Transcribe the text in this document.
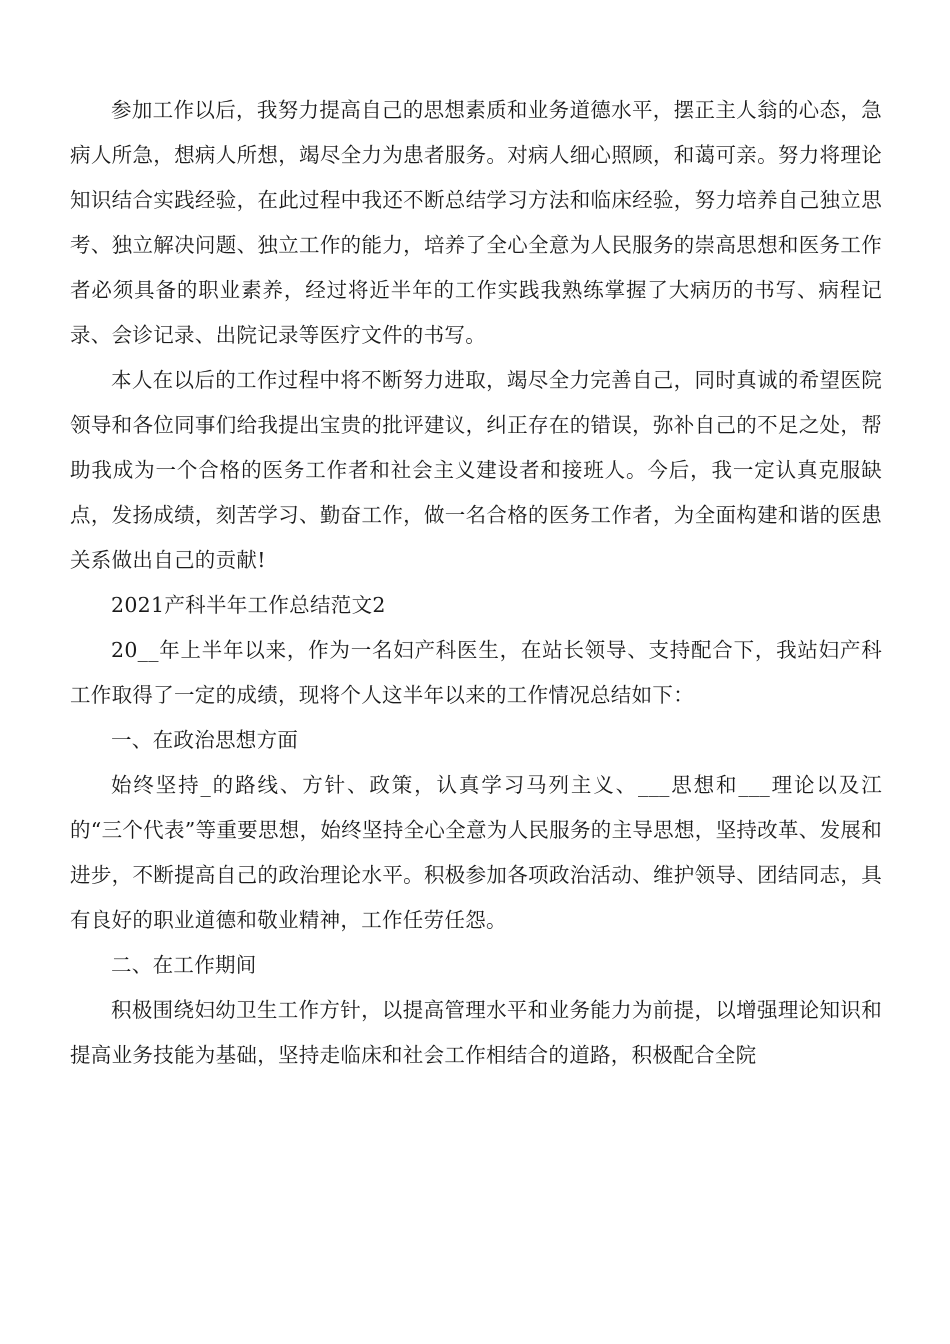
参加工作以后，我努力提高自己的思想素质和业务道德水平，摆正主人翁的心态，急病人所急，想病人所想，竭尽全力为患者服务。对病人细心照顾，和蔼可亲。努力将理论知识结合实践经验，在此过程中我还不断总结学习方法和临床经验，努力培养自己独立思考、独立解决问题、独立工作的能力，培养了全心全意为人民服务的崇高思想和医务工作者必须具备的职业素养，经过将近半年的工作实践我熟练掌握了大病历的书写、病程记录、会诊记录、出院记录等医疗文件的书写。

本人在以后的工作过程中将不断努力进取，竭尽全力完善自己，同时真诚的希望医院领导和各位同事们给我提出宝贵的批评建议，纠正存在的错误，弥补自己的不足之处，帮助我成为一个合格的医务工作者和社会主义建设者和接班人。今后，我一定认真克服缺点，发扬成绩，刻苦学习、勤奋工作，做一名合格的医务工作者，为全面构建和谐的医患关系做出自己的贡献!

2021产科半年工作总结范文2

20__年上半年以来，作为一名妇产科医生，在站长领导、支持配合下，我站妇产科工作取得了一定的成绩，现将个人这半年以来的工作情况总结如下：

一、在政治思想方面

始终坚持_的路线、方针、政策，认真学习马列主义、___思想和___理论以及江的“三个代表”等重要思想，始终坚持全心全意为人民服务的主导思想，坚持改革、发展和进步，不断提高自己的政治理论水平。积极参加各项政治活动、维护领导、团结同志，具有良好的职业道德和敬业精神，工作任劳任怨。

二、在工作期间

积极围绕妇幼卫生工作方针，以提高管理水平和业务能力为前提，以增强理论知识和提高业务技能为基础，坚持走临床和社会工作相结合的道路，积极配合全院
